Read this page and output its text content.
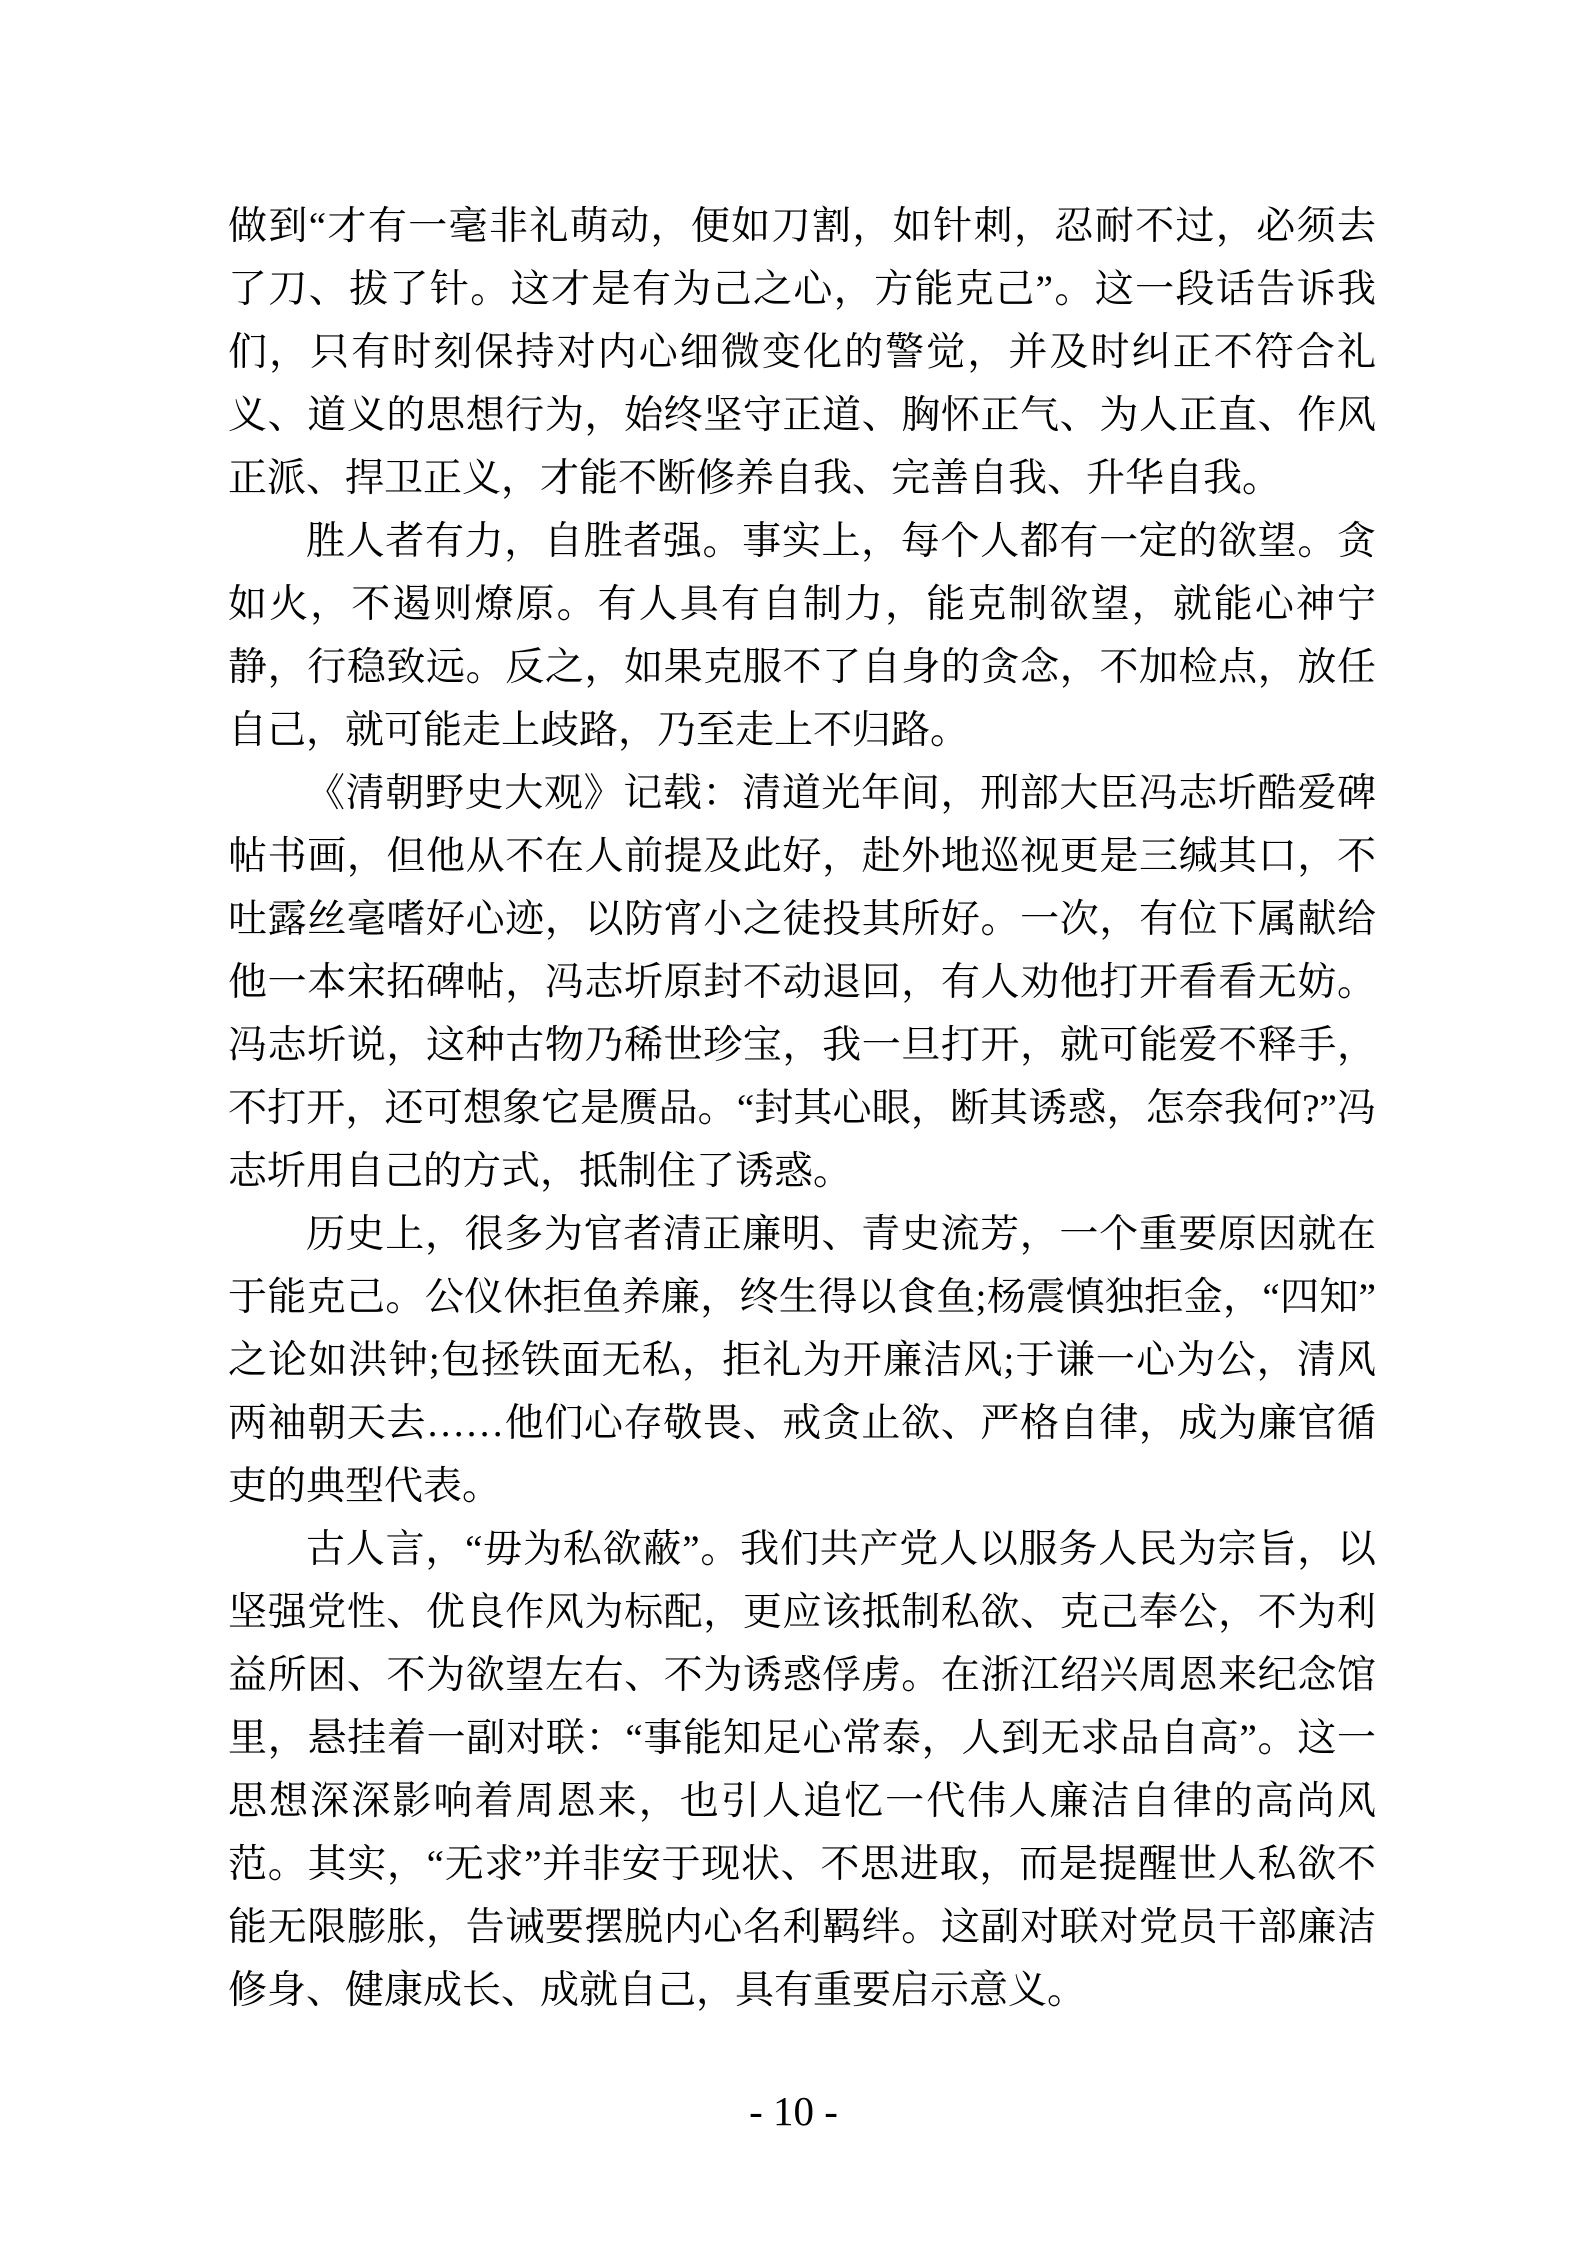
做到“才有一毫非礼萌动，便如刀割，如针刺，忍耐不过，必须去了刀、拔了针。这才是有为己之心，方能克己”。这一段话告诉我们，只有时刻保持对内心细微变化的警觉，并及时纠正不符合礼义、道义的思想行为，始终坚守正道、胸怀正气、为人正直、作风正派、捍卫正义，才能不断修养自我、完善自我、升华自我。

胜人者有力，自胜者强。事实上，每个人都有一定的欲望。贪如火，不遏则燎原。有人具有自制力，能克制欲望，就能心神宁静，行稳致远。反之，如果克服不了自身的贪念，不加检点，放任自己，就可能走上歧路，乃至走上不归路。

《清朝野史大观》记载：清道光年间，刑部大臣冯志圻酷爱碑帖书画，但他从不在人前提及此好，赴外地巡视更是三缄其口，不吐露丝毫嗜好心迹，以防宵小之徒投其所好。一次，有位下属献给他一本宋拓碑帖，冯志圻原封不动退回，有人劝他打开看看无妨。冯志圻说，这种古物乃稀世珍宝，我一旦打开，就可能爱不释手，不打开，还可想象它是赝品。“封其心眼，断其诱惑，怎奈我何?”冯志圻用自己的方式，抵制住了诱惑。

历史上，很多为官者清正廉明、青史流芳，一个重要原因就在于能克己。公仪休拒鱼养廉，终生得以食鱼;杨震慎独拒金，“四知”之论如洪钟;包拯铁面无私，拒礼为开廉洁风;于谦一心为公，清风两袖朝天去……他们心存敬畏、戒贪止欲、严格自律，成为廉官循吏的典型代表。

古人言，“毋为私欲蔽”。我们共产党人以服务人民为宗旨，以坚强党性、优良作风为标配，更应该抵制私欲、克己奉公，不为利益所困、不为欲望左右、不为诱惑俘虏。在浙江绍兴周恩来纪念馆里，悬挂着一副对联：“事能知足心常泰，人到无求品自高”。这一思想深深影响着周恩来，也引人追忆一代伟人廉洁自律的高尚风范。其实，“无求”并非安于现状、不思进取，而是提醒世人私欲不能无限膨胀，告诫要摆脱内心名利羁绊。这副对联对党员干部廉洁修身、健康成长、成就自己，具有重要启示意义。

- 10 -
